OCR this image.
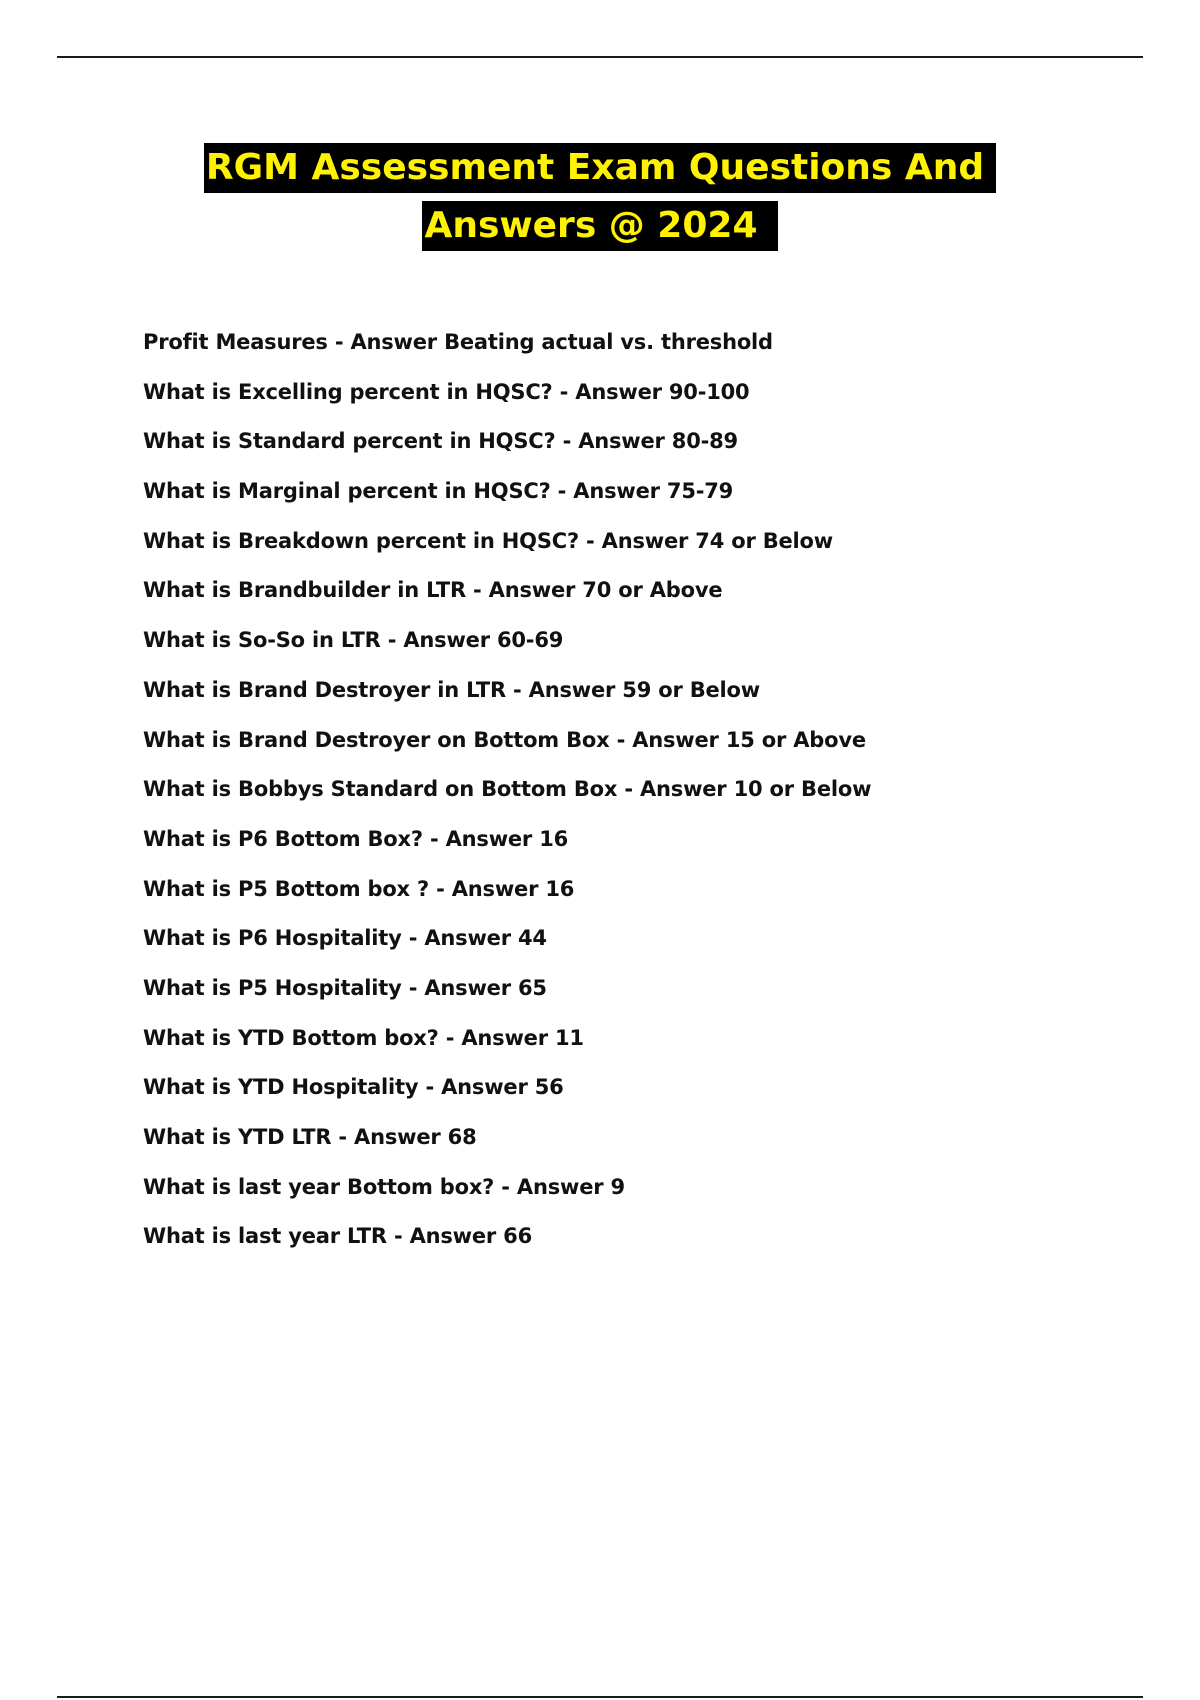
RGM Assessment Exam Questions And
Answers @ 2024
Profit Measures - Answer Beating actual vs. threshold
What is Excelling percent in HQSC? - Answer 90-100
What is Standard percent in HQSC? - Answer 80-89
What is Marginal percent in HQSC? - Answer 75-79
What is Breakdown percent in HQSC? - Answer 74 or Below
What is Brandbuilder in LTR - Answer 70 or Above
What is So-So in LTR - Answer 60-69
What is Brand Destroyer in LTR - Answer 59 or Below
What is Brand Destroyer on Bottom Box - Answer 15 or Above
What is Bobbys Standard on Bottom Box - Answer 10 or Below
What is P6 Bottom Box? - Answer 16
What is P5 Bottom box ? - Answer 16
What is P6 Hospitality - Answer 44
What is P5 Hospitality - Answer 65
What is YTD Bottom box? - Answer 11
What is YTD Hospitality - Answer 56
What is YTD LTR - Answer 68
What is last year Bottom box? - Answer 9
What is last year LTR - Answer 66
